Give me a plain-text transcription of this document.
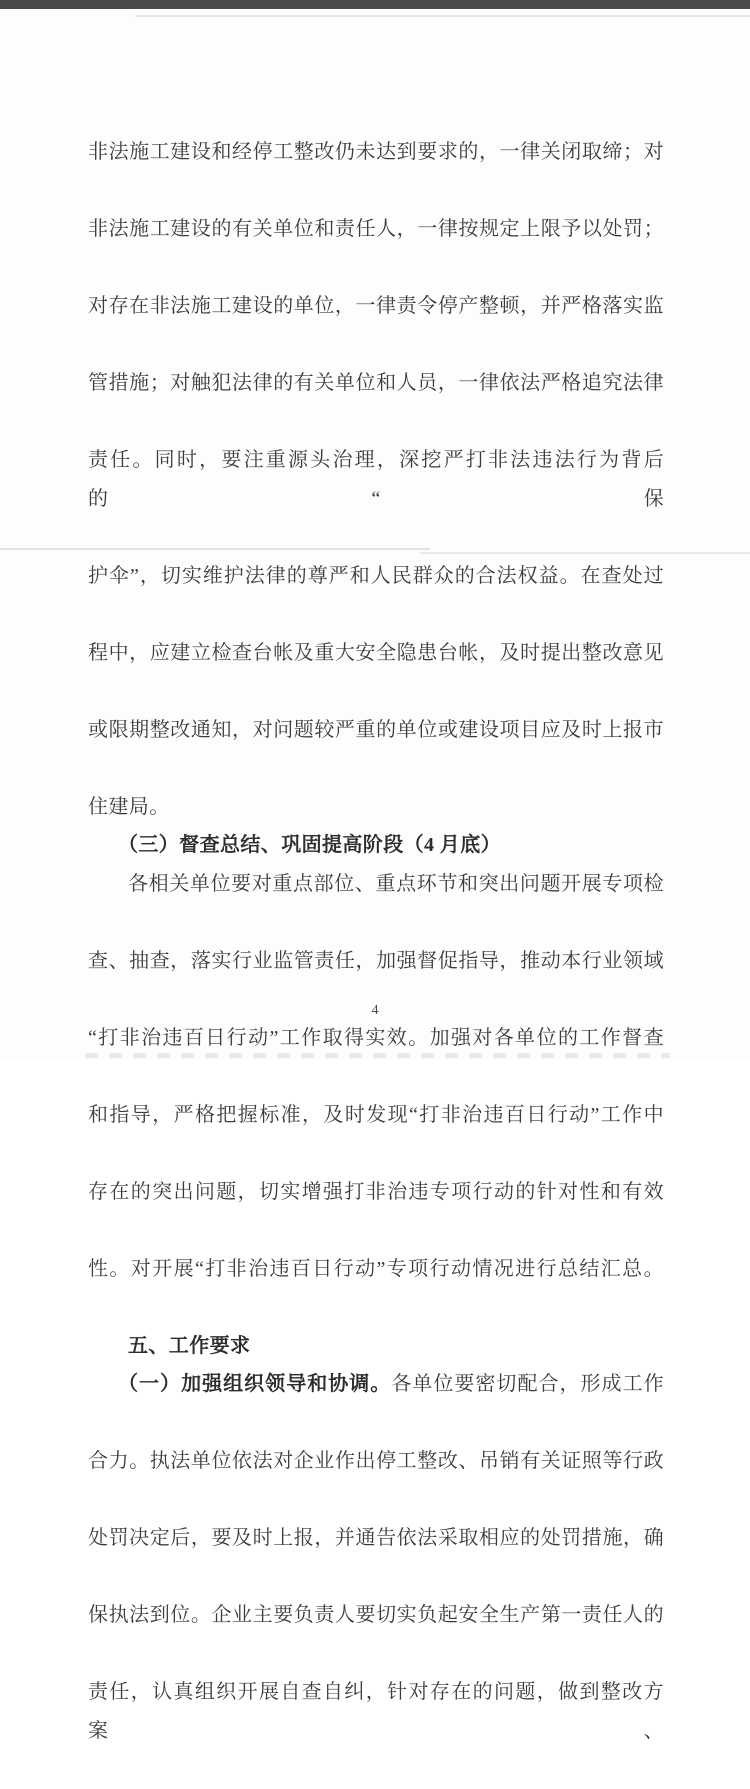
非法施工建设和经停工整改仍未达到要求的，一律关闭取缔；对

非法施工建设的有关单位和责任人，一律按规定上限予以处罚；

对存在非法施工建设的单位，一律责令停产整顿，并严格落实监

管措施；对触犯法律的有关单位和人员，一律依法严格追究法律

责任。同时，要注重源头治理，深挖严打非法违法行为背后的“保

护伞”，切实维护法律的尊严和人民群众的合法权益。在查处过

程中，应建立检查台帐及重大安全隐患台帐，及时提出整改意见

或限期整改通知，对问题较严重的单位或建设项目应及时上报市

住建局。

（三）督查总结、巩固提高阶段（4 月底）

各相关单位要对重点部位、重点环节和突出问题开展专项检

查、抽查，落实行业监管责任，加强督促指导，推动本行业领域

“打非治违百日行动”工作取得实效。加强对各单位的工作督查

和指导，严格把握标准，及时发现“打非治违百日行动”工作中

存在的突出问题，切实增强打非治违专项行动的针对性和有效

性。对开展“打非治违百日行动”专项行动情况进行总结汇总。

五、工作要求

（一）加强组织领导和协调。各单位要密切配合，形成工作

合力。执法单位依法对企业作出停工整改、吊销有关证照等行政

处罚决定后，要及时上报，并通告依法采取相应的处罚措施，确

保执法到位。企业主要负责人要切实负起安全生产第一责任人的

责任，认真组织开展自查自纠，针对存在的问题，做到整改方案、

4
